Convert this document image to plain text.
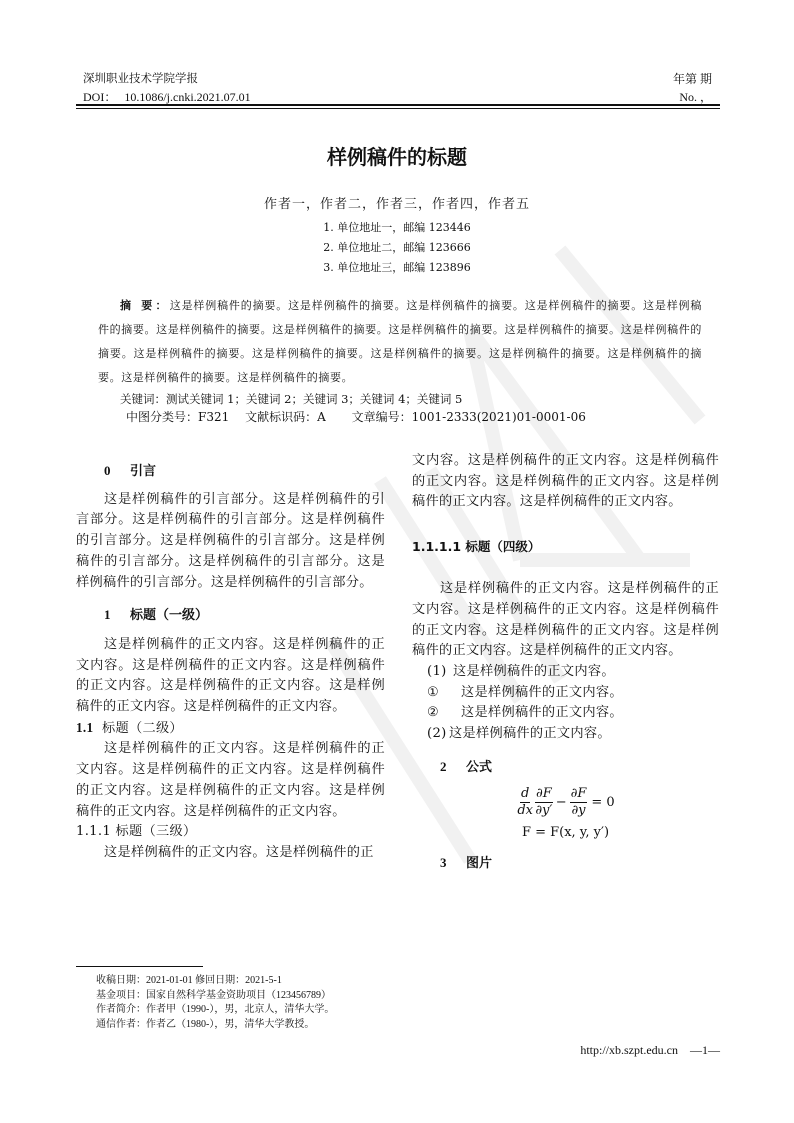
深圳职业技术学院学报
DOI： 10.1086/j.cnki.2021.07.01
年第 期
No. ，
样例稿件的标题
作者一，作者二，作者三，作者四，作者五
1. 单位地址一，邮编 123446
2. 单位地址二，邮编 123666
3. 单位地址三，邮编 123896
摘 要：这是样例稿件的摘要。这是样例稿件的摘要。这是样例稿件的摘要。这是样例稿件的摘要。这是样例稿件的摘要。这是样例稿件的摘要。这是样例稿件的摘要。这是样例稿件的摘要。这是样例稿件的摘要。这是样例稿件的摘要。这是样例稿件的摘要。这是样例稿件的摘要。这是样例稿件的摘要。这是样例稿件的摘要。这是样例稿件的摘要。这是样例稿件的摘要。这是样例稿件的摘要。
关键词：测试关键词 1；关键词 2；关键词 3；关键词 4；关键词 5
中图分类号：F321 文献标识码：A 文章编号：1001-2333(2021)01-0001-06
0 引言
这是样例稿件的引言部分。这是样例稿件的引言部分。这是样例稿件的引言部分。这是样例稿件的引言部分。这是样例稿件的引言部分。这是样例稿件的引言部分。这是样例稿件的引言部分。这是样例稿件的引言部分。这是样例稿件的引言部分。
1 标题（一级）
这是样例稿件的正文内容。这是样例稿件的正文内容。这是样例稿件的正文内容。这是样例稿件的正文内容。这是样例稿件的正文内容。这是样例稿件的正文内容。这是样例稿件的正文内容。
1.1 标题（二级）
这是样例稿件的正文内容。这是样例稿件的正文内容。这是样例稿件的正文内容。这是样例稿件的正文内容。这是样例稿件的正文内容。这是样例稿件的正文内容。这是样例稿件的正文内容。
1.1.1 标题（三级）
这是样例稿件的正文内容。这是样例稿件的正
文内容。这是样例稿件的正文内容。这是样例稿件的正文内容。这是样例稿件的正文内容。这是样例稿件的正文内容。这是样例稿件的正文内容。
1.1.1.1 标题（四级）
这是样例稿件的正文内容。这是样例稿件的正文内容。这是样例稿件的正文内容。这是样例稿件的正文内容。这是样例稿件的正文内容。这是样例稿件的正文内容。这是样例稿件的正文内容。
(1) 这是样例稿件的正文内容。
① 这是样例稿件的正文内容。
② 这是样例稿件的正文内容。
(2) 这是样例稿件的正文内容。
2 公式
$\frac{d}{dx} \frac{\partial F}{\partial y'} - \frac{\partial F}{\partial y} = 0$
F = F(x, y, y′)
3 图片
收稿日期：2021-01-01 修回日期：2021-5-1
基金项目：国家自然科学基金资助项目（123456789）
作者简介：作者甲（1990-），男，北京人，清华大学。
通信作者：作者乙（1980-），男，清华大学教授。
http://xb.szpt.edu.cn —1—
